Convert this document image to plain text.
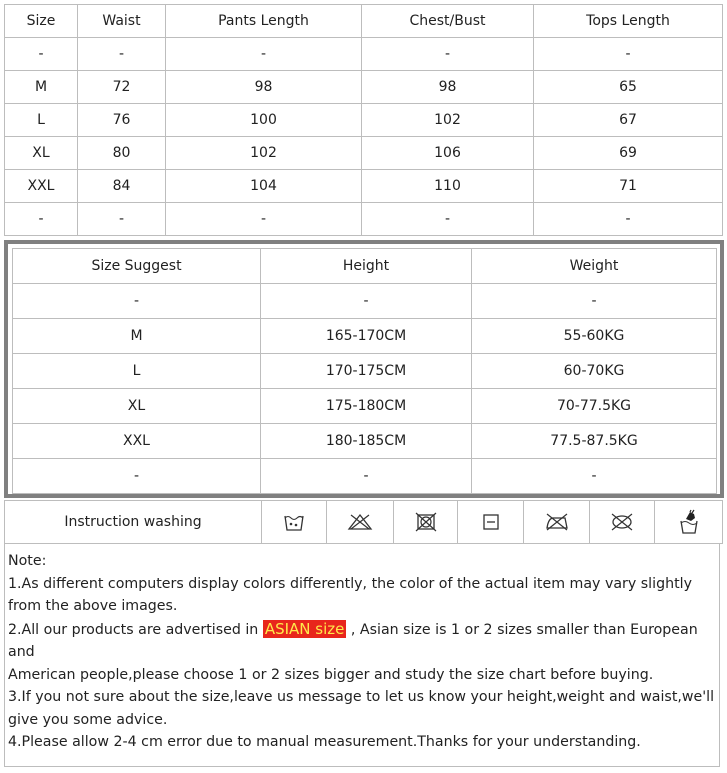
Size	Waist	Pants Length	Chest/Bust	Tops Length
-	-	-	-	-
M	72	98	98	65
L	76	100	102	67
XL	80	102	106	69
XXL	84	104	110	71
-	-	-	-	-
Size Suggest	Height	Weight
-	-	-
M	165-170CM	55-60KG
L	170-175CM	60-70KG
XL	175-180CM	70-77.5KG
XXL	180-185CM	77.5-87.5KG
-	-	-
Instruction washing	

Note:

1.As different computers display colors differently, the color of the actual item may vary slightly from the above images.

2.All our products are advertised in ASIAN size , Asian size is 1 or 2 sizes smaller than European and

American people,please choose 1 or 2 sizes bigger and study the size chart before buying.

3.If you not sure about the size,leave us message to let us know your height,weight and waist,we'll give you some advice.

4.Please allow 2-4 cm error due to manual measurement.Thanks for your understanding.
